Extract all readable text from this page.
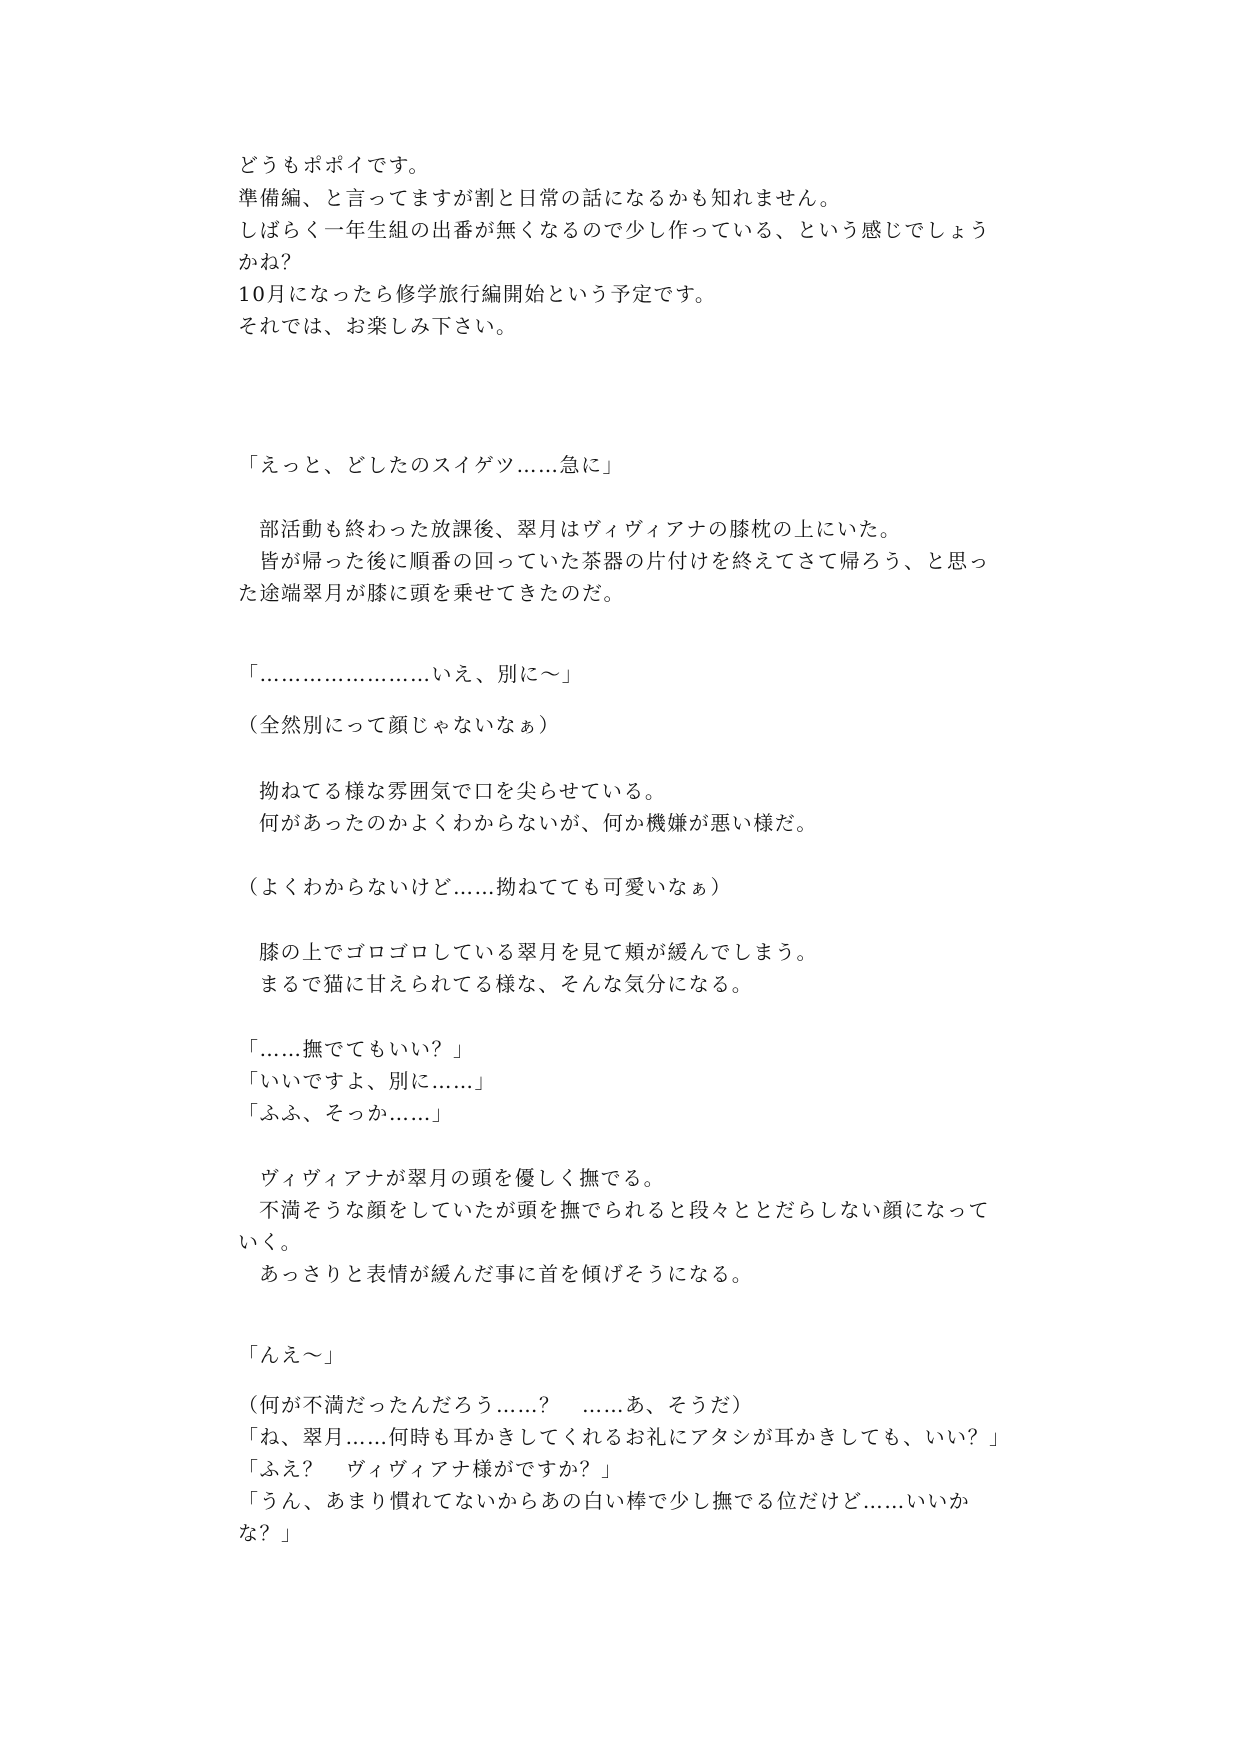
どうもポポイです。
準備編、と言ってますが割と日常の話になるかも知れません。
しばらく一年生組の出番が無くなるので少し作っている、という感じでしょう
かね？
10月になったら修学旅行編開始という予定です。
それでは、お楽しみ下さい。
「えっと、どしたのスイゲツ……急に」
部活動も終わった放課後、翠月はヴィヴィアナの膝枕の上にいた。
皆が帰った後に順番の回っていた茶器の片付けを終えてさて帰ろう、と思っ
た途端翠月が膝に頭を乗せてきたのだ。
「……………………いえ、別に〜」
（全然別にって顔じゃないなぁ）
拗ねてる様な雰囲気で口を尖らせている。
何があったのかよくわからないが、何か機嫌が悪い様だ。
（よくわからないけど……拗ねてても可愛いなぁ）
膝の上でゴロゴロしている翠月を見て頬が緩んでしまう。
まるで猫に甘えられてる様な、そんな気分になる。
「……撫でてもいい？」
「いいですよ、別に……」
「ふふ、そっか……」
ヴィヴィアナが翠月の頭を優しく撫でる。
不満そうな顔をしていたが頭を撫でられると段々ととだらしない顔になって
いく。
あっさりと表情が緩んだ事に首を傾げそうになる。
「んえ〜」
（何が不満だったんだろう……？　……あ、そうだ）
「ね、翠月……何時も耳かきしてくれるお礼にアタシが耳かきしても、いい？」
「ふえ？　ヴィヴィアナ様がですか？」
「うん、あまり慣れてないからあの白い棒で少し撫でる位だけど……いいか
な？」
